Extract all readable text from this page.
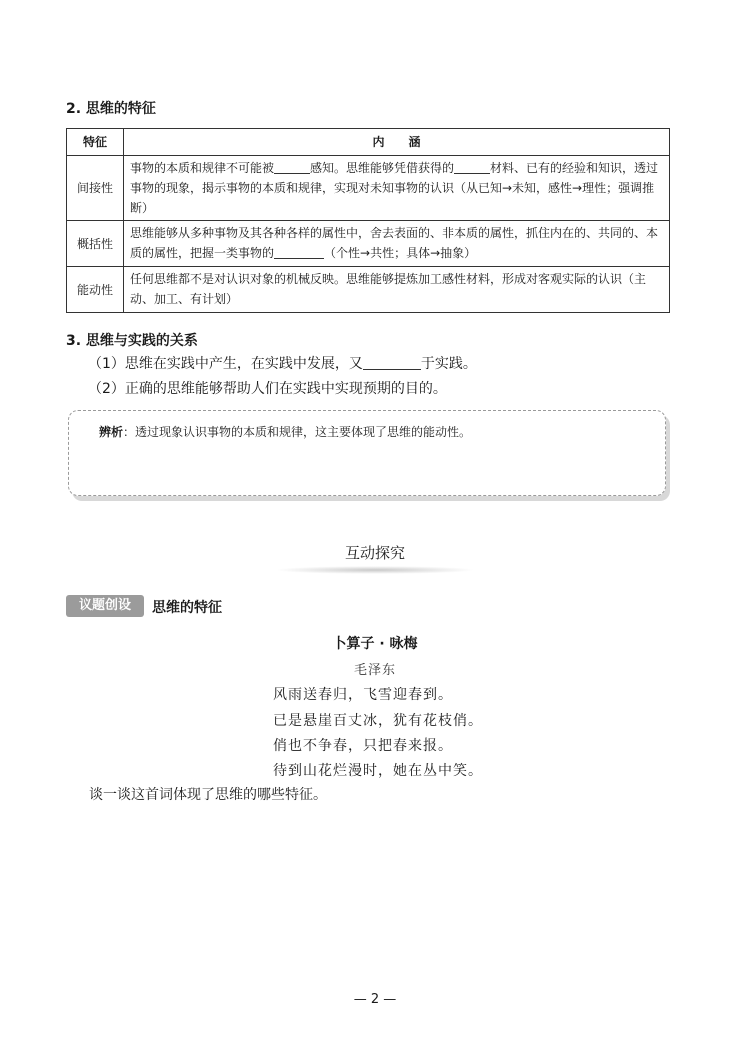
2. 思维的特征
特征	内　　涵
间接性	事物的本质和规律不可能被 感知。思维能够凭借获得的 材料、已有的经验和知识，透过事物的现象，揭示事物的本质和规律，实现对未知事物的认识（从已知→未知，感性→理性；强调推断）
概括性	思维能够从多种事物及其各种各样的属性中，舍去表面的、非本质的属性，抓住内在的、共同的、本质的属性，把握一类事物的 （个性→共性；具体→抽象）
能动性	任何思维都不是对认识对象的机械反映。思维能够提炼加工感性材料，形成对客观实际的认识（主动、加工、有计划）
3. 思维与实践的关系
（1）思维在实践中产生，在实践中发展，又	于实践。
（2）正确的思维能够帮助人们在实践中实现预期的目的。
辨析：透过现象认识事物的本质和规律，这主要体现了思维的能动性。
互动探究
议题创设	思维的特征
卜算子 · 咏梅
毛泽东
风雨送春归，飞雪迎春到。
已是悬崖百丈冰，犹有花枝俏。
俏也不争春，只把春来报。
待到山花烂漫时，她在丛中笑。
谈一谈这首词体现了思维的哪些特征。
— 2 —
